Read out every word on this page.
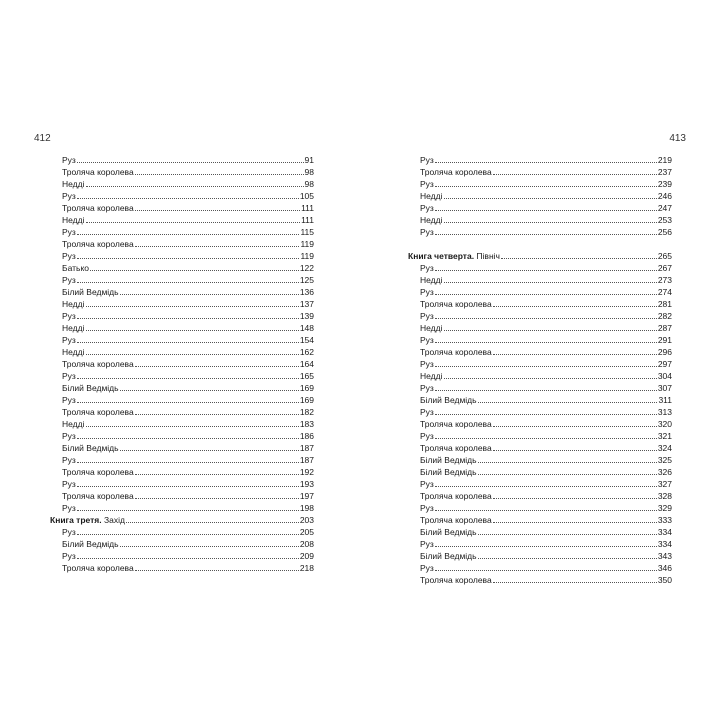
412
Руз	91
Троляча королева	98
Недді	98
Руз	105
Троляча королева	111
Недді	111
Руз	115
Троляча королева	119
Руз	119
Батько	122
Руз	125
Білий Ведмідь	136
Недді	137
Руз	139
Недді	148
Руз	154
Недді	162
Троляча королева	164
Руз	165
Білий Ведмідь	169
Руз	169
Троляча королева	182
Недді	183
Руз	186
Білий Ведмідь	187
Руз	187
Троляча королева	192
Руз	193
Троляча королева	197
Руз	198
Книга третя. Захід	203
Руз	205
Білий Ведмідь	208
Руз	209
Троляча королева	218
413
Руз	219
Троляча королева	237
Руз	239
Недді	246
Руз	247
Недді	253
Руз	256
Книга четверта. Північ	265
Руз	267
Недді	273
Руз	274
Троляча королева	281
Руз	282
Недді	287
Руз	291
Троляча королева	296
Руз	297
Недді	304
Руз	307
Білий Ведмідь	311
Руз	313
Троляча королева	320
Руз	321
Троляча королева	324
Білий Ведмідь	325
Білий Ведмідь	326
Руз	327
Троляча королева	328
Руз	329
Троляча королева	333
Білий Ведмідь	334
Руз	334
Білий Ведмідь	343
Руз	346
Троляча королева	350
